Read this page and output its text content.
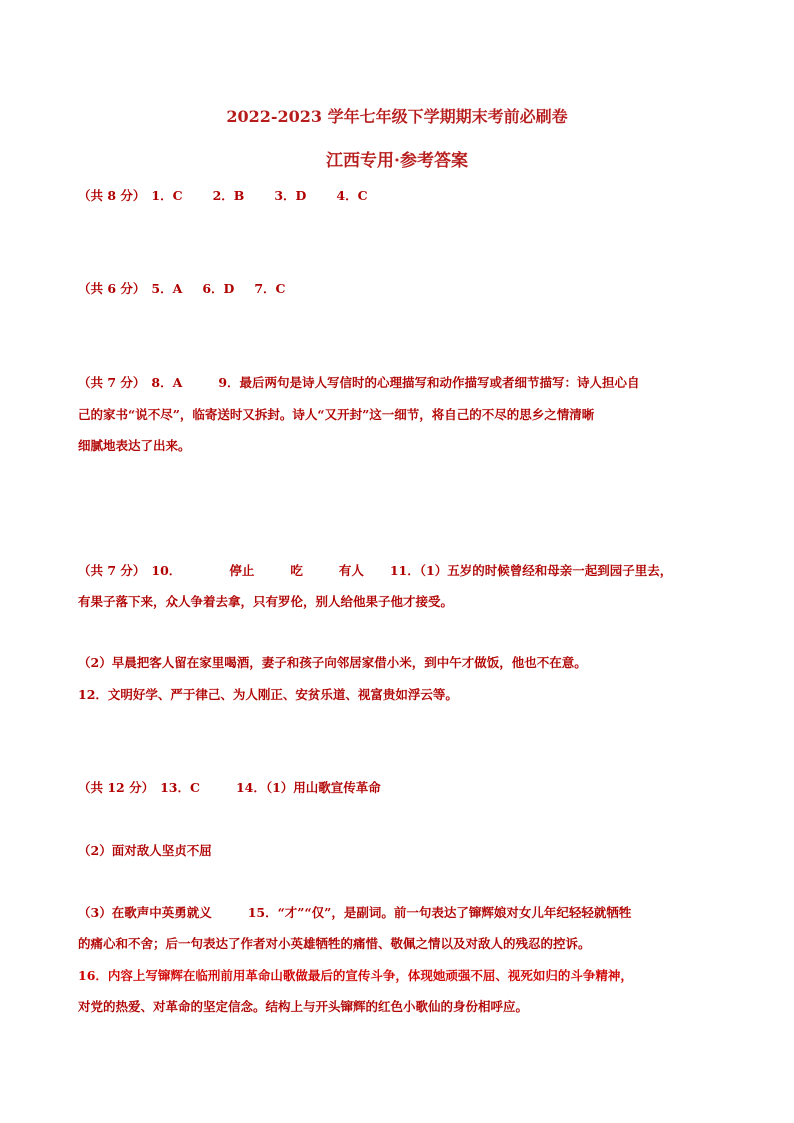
2022-2023 学年七年级下学期期末考前必刷卷
江西专用·参考答案
（共 8 分） 1．C 2．B 3．D 4．C
（共 6 分） 5．A 6．D 7．C
（共 7 分） 8．A	9．最后两句是诗人写信时的心理描写和动作描写或者细节描写：诗人担心自
己的家书“说不尽”，临寄送时又拆封。诗人“又开封”这一细节，将自己的不尽的思乡之情清晰
细腻地表达了出来。
（共 7 分） 10．	停止	吃	有人 11．（1）五岁的时候曾经和母亲一起到园子里去，
有果子落下来，众人争着去拿，只有罗伦，别人给他果子他才接受。
（2）早晨把客人留在家里喝酒，妻子和孩子向邻居家借小米，到中午才做饭，他也不在意。
12．文明好学、严于律己、为人刚正、安贫乐道、视富贵如浮云等。
（共 12 分） 13．C	14．（1）用山歌宣传革命
（2）面对敌人坚贞不屈
（3）在歌声中英勇就义	15．“才”“仅”，是副词。前一句表达了镩辉娘对女儿年纪轻轻就牺牲
的痛心和不舍；后一句表达了作者对小英雄牺牲的痛惜、敬佩之情以及对敌人的残忍的控诉。
16．内容上写镩辉在临刑前用革命山歌做最后的宣传斗争，体现她顽强不屈、视死如归的斗争精神，
对党的热爱、对革命的坚定信念。结构上与开头镩辉的红色小歌仙的身份相呼应。
